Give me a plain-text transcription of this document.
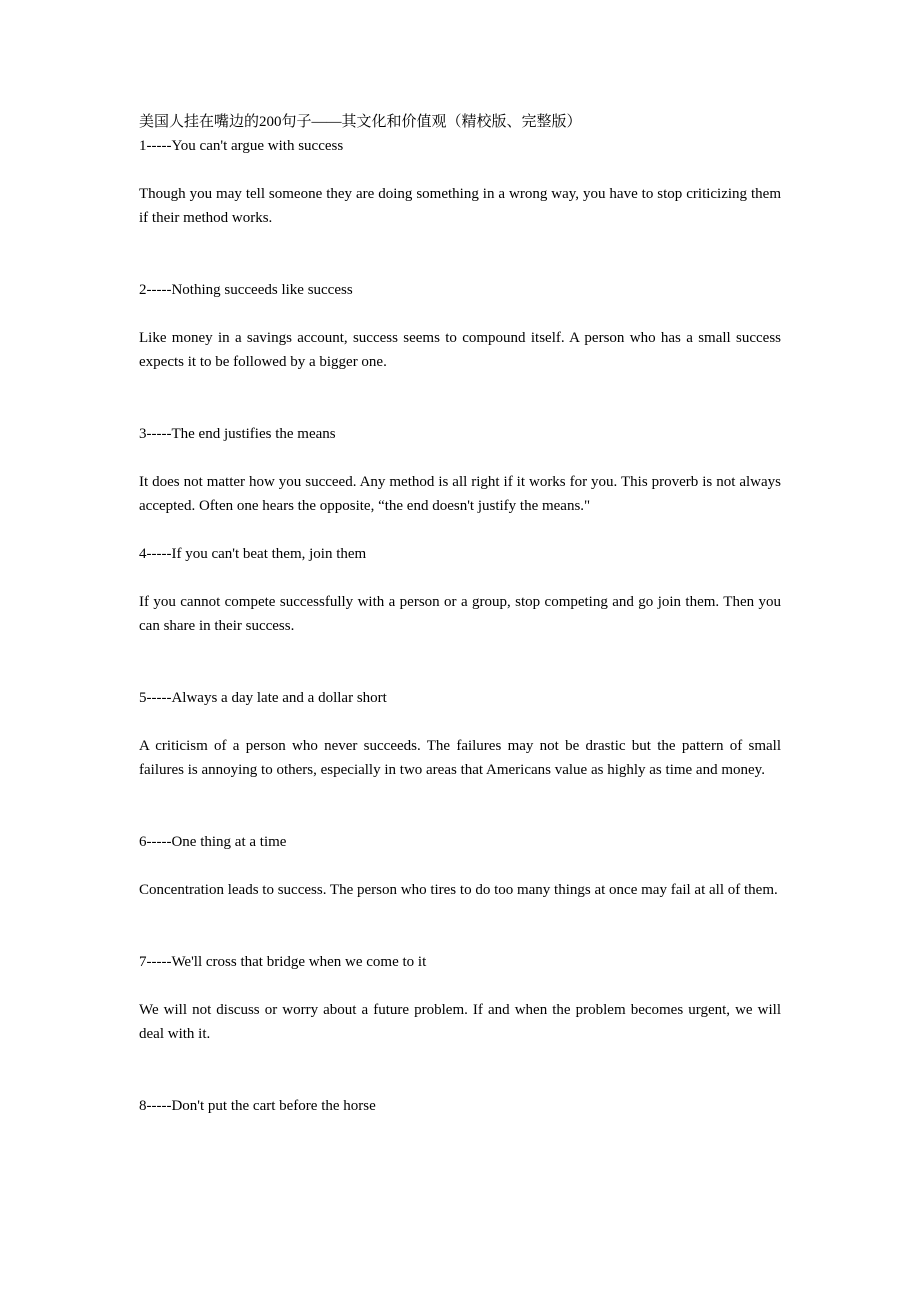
美国人挂在嘴边的200句子——其文化和价值观（精校版、完整版）

1-----You can't argue with success

Though you may tell someone they are doing something in a wrong way, you have to stop criticizing them if their method works.

2-----Nothing succeeds like success

Like money in a savings account, success seems to compound itself. A person who has a small success expects it to be followed by a bigger one.

3-----The end justifies the means

It does not matter how you succeed. Any method is all right if it works for you. This proverb is not always accepted. Often one hears the opposite, “the end doesn't justify the means."

4-----If you can't beat them, join them

If you cannot compete successfully with a person or a group, stop competing and go join them. Then you can share in their success.

5-----Always a day late and a dollar short

A criticism of a person who never succeeds. The failures may not be drastic but the pattern of small failures is annoying to others, especially in two areas that Americans value as highly as time and money.

6-----One thing at a time

Concentration leads to success. The person who tires to do too many things at once may fail at all of them.

7-----We'll cross that bridge when we come to it

We will not discuss or worry about a future problem. If and when the problem becomes urgent, we will deal with it.

8-----Don't put the cart before the horse
